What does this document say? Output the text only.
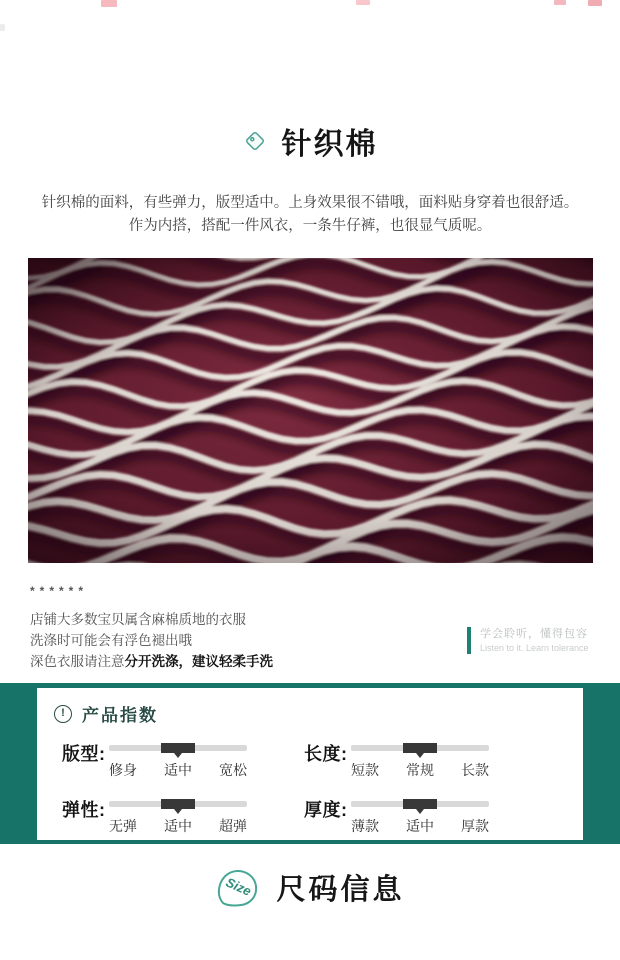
针织棉
针织棉的面料，有些弹力，版型适中。上身效果很不错哦，面料贴身穿着也很舒适。
作为内搭，搭配一件风衣，一条牛仔裤，也很显气质呢。
******
店铺大多数宝贝属含麻棉质地的衣服
洗涤时可能会有浮色褪出哦
深色衣服请注意分开洗涤，建议轻柔手洗
学会聆听，懂得包容
Listen to it. Learn tolerance
!	产品指数
版型:
修身 适中 宽松
弹性:
无弹 适中 超弹
长度:
短款 常规 长款
厚度:
薄款 适中 厚款
Size 尺码信息
